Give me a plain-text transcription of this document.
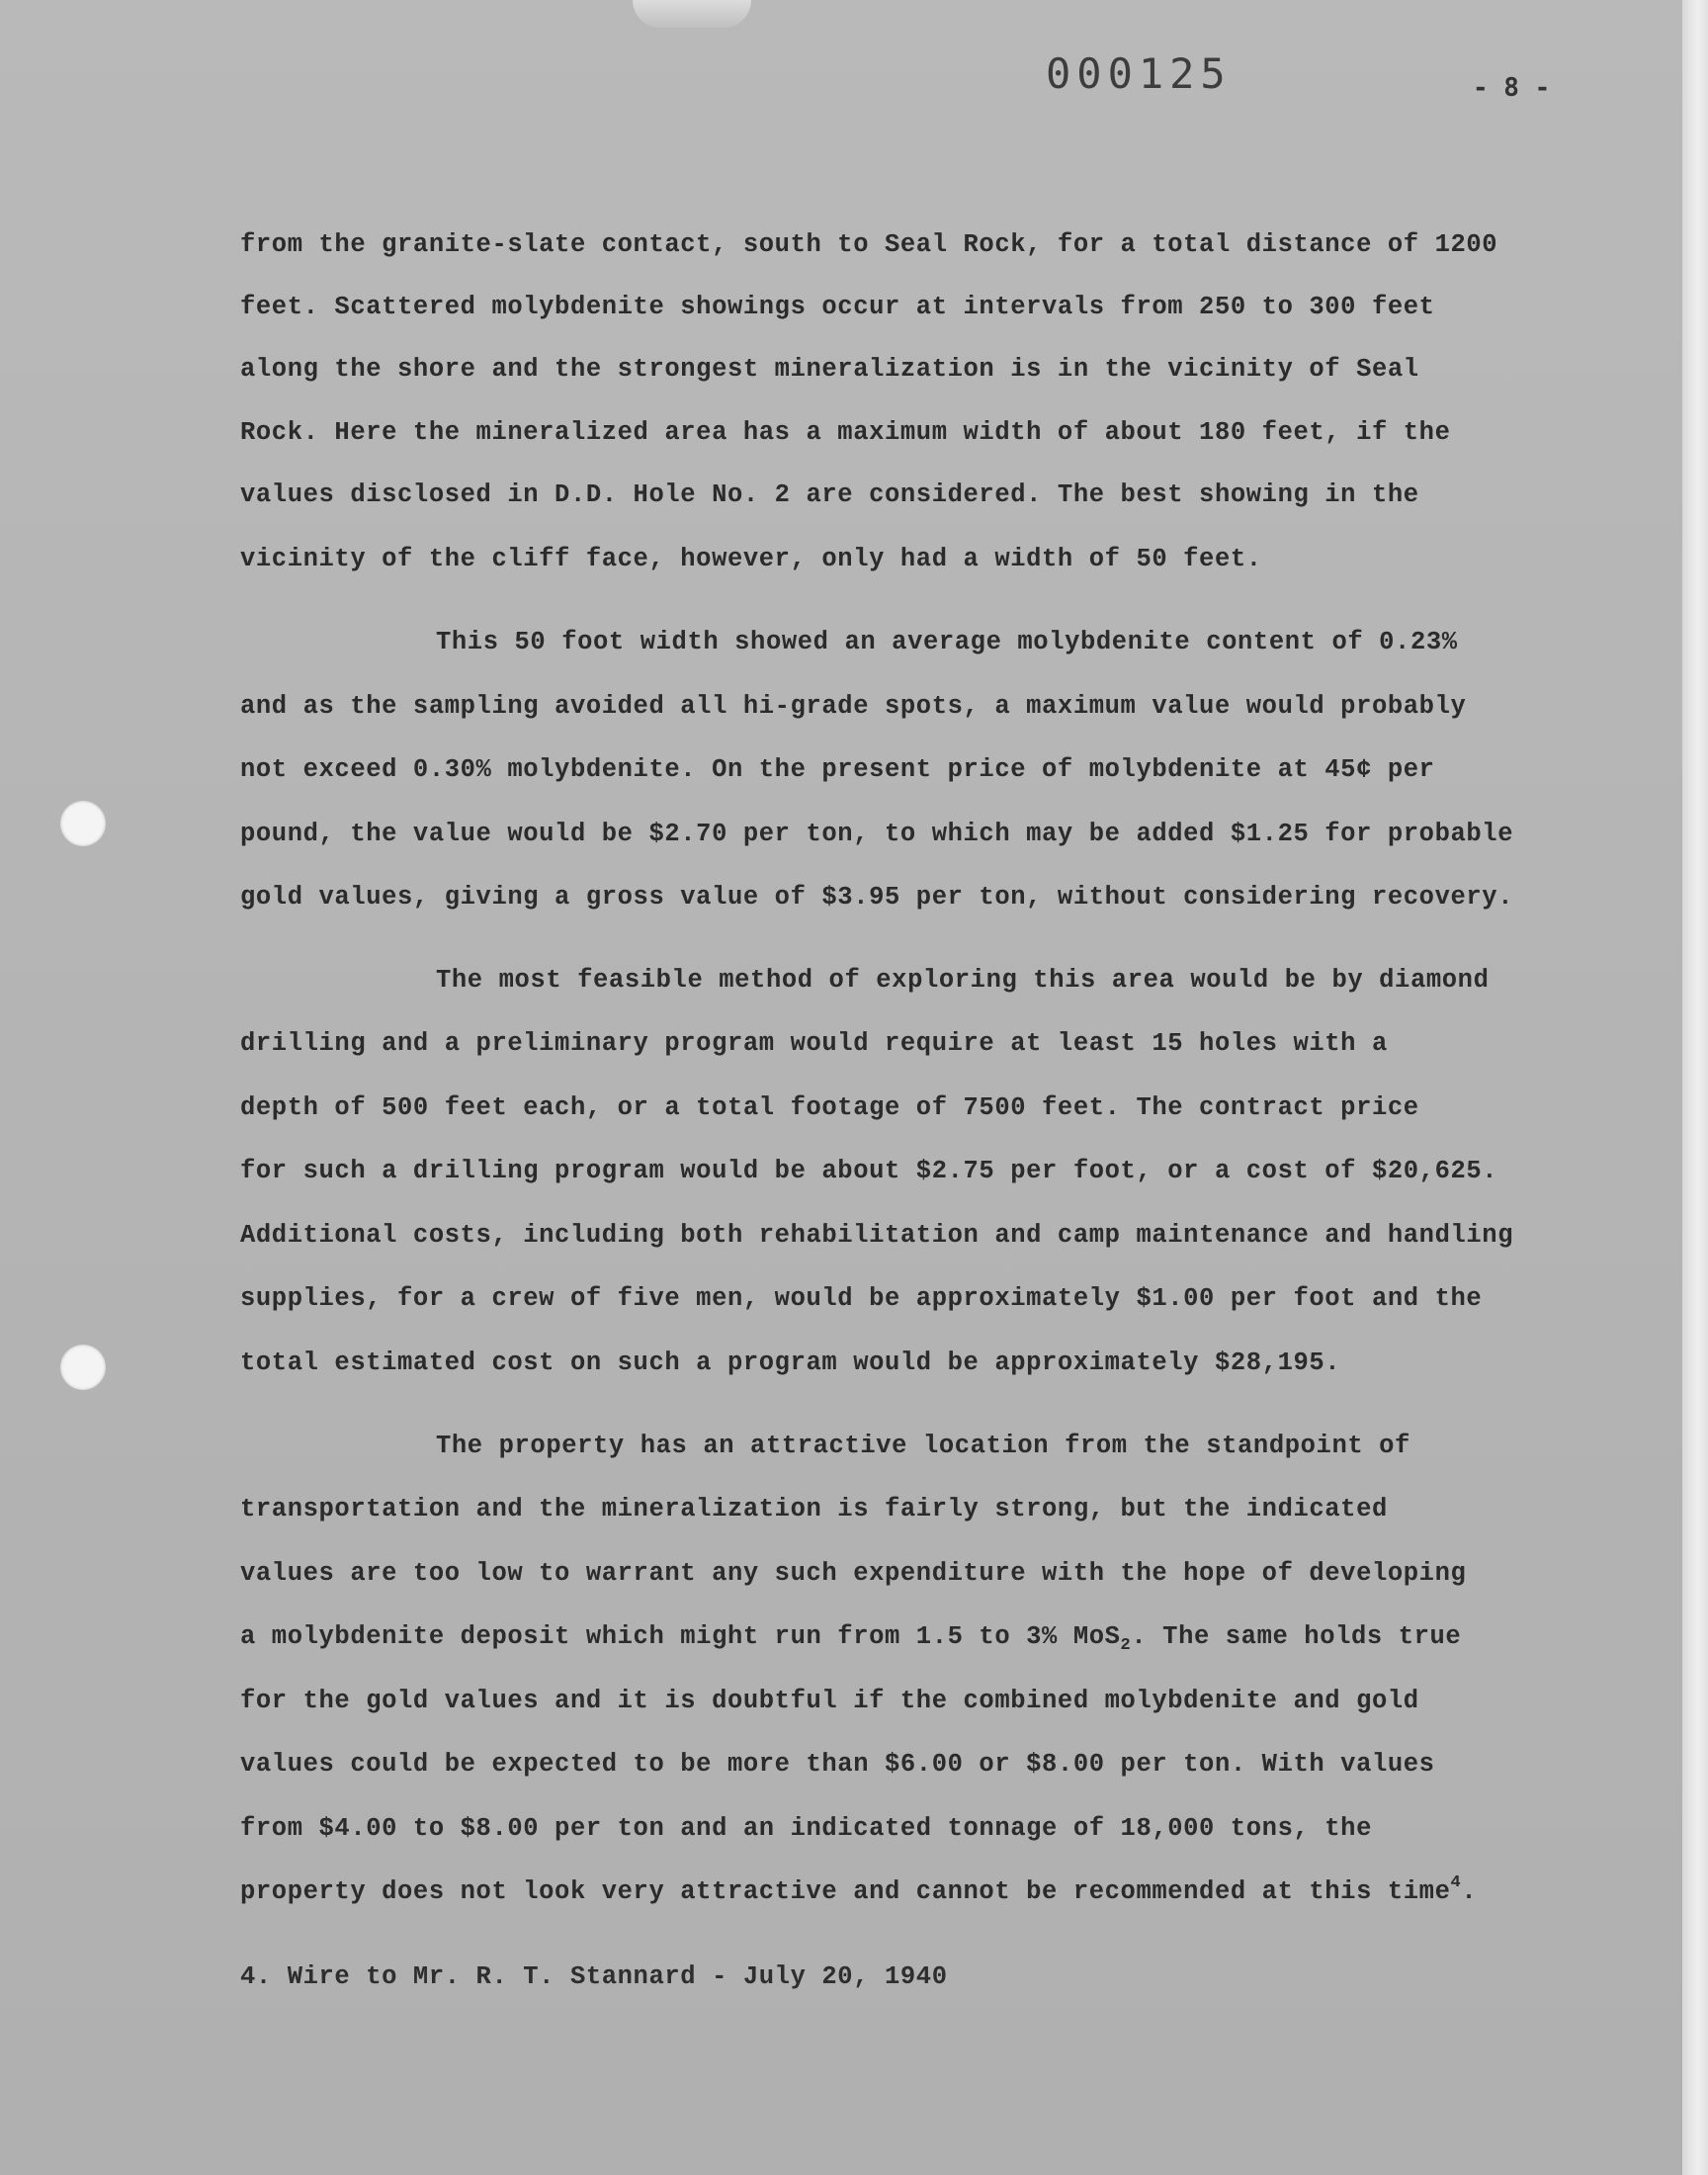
000125	- 8 -
from the granite-slate contact, south to Seal Rock, for a total distance of 1200
feet. Scattered molybdenite showings occur at intervals from 250 to 300 feet
along the shore and the strongest mineralization is in the vicinity of Seal
Rock. Here the mineralized area has a maximum width of about 180 feet, if the
values disclosed in D.D. Hole No. 2 are considered. The best showing in the
vicinity of the cliff face, however, only had a width of 50 feet.
This 50 foot width showed an average molybdenite content of 0.23%
and as the sampling avoided all hi-grade spots, a maximum value would probably
not exceed 0.30% molybdenite. On the present price of molybdenite at 45¢ per
pound, the value would be $2.70 per ton, to which may be added $1.25 for probable
gold values, giving a gross value of $3.95 per ton, without considering recovery.
The most feasible method of exploring this area would be by diamond
drilling and a preliminary program would require at least 15 holes with a
depth of 500 feet each, or a total footage of 7500 feet. The contract price
for such a drilling program would be about $2.75 per foot, or a cost of $20,625.
Additional costs, including both rehabilitation and camp maintenance and handling
supplies, for a crew of five men, would be approximately $1.00 per foot and the
total estimated cost on such a program would be approximately $28,195.
The property has an attractive location from the standpoint of
transportation and the mineralization is fairly strong, but the indicated
values are too low to warrant any such expenditure with the hope of developing
a molybdenite deposit which might run from 1.5 to 3% MoS$_2$. The same holds true
for the gold values and it is doubtful if the combined molybdenite and gold
values could be expected to be more than $6.00 or $8.00 per ton. With values
from $4.00 to $8.00 per ton and an indicated tonnage of 18,000 tons, the
property does not look very attractive and cannot be recommended at this time$^4$.
4. Wire to Mr. R. T. Stannard - July 20, 1940
